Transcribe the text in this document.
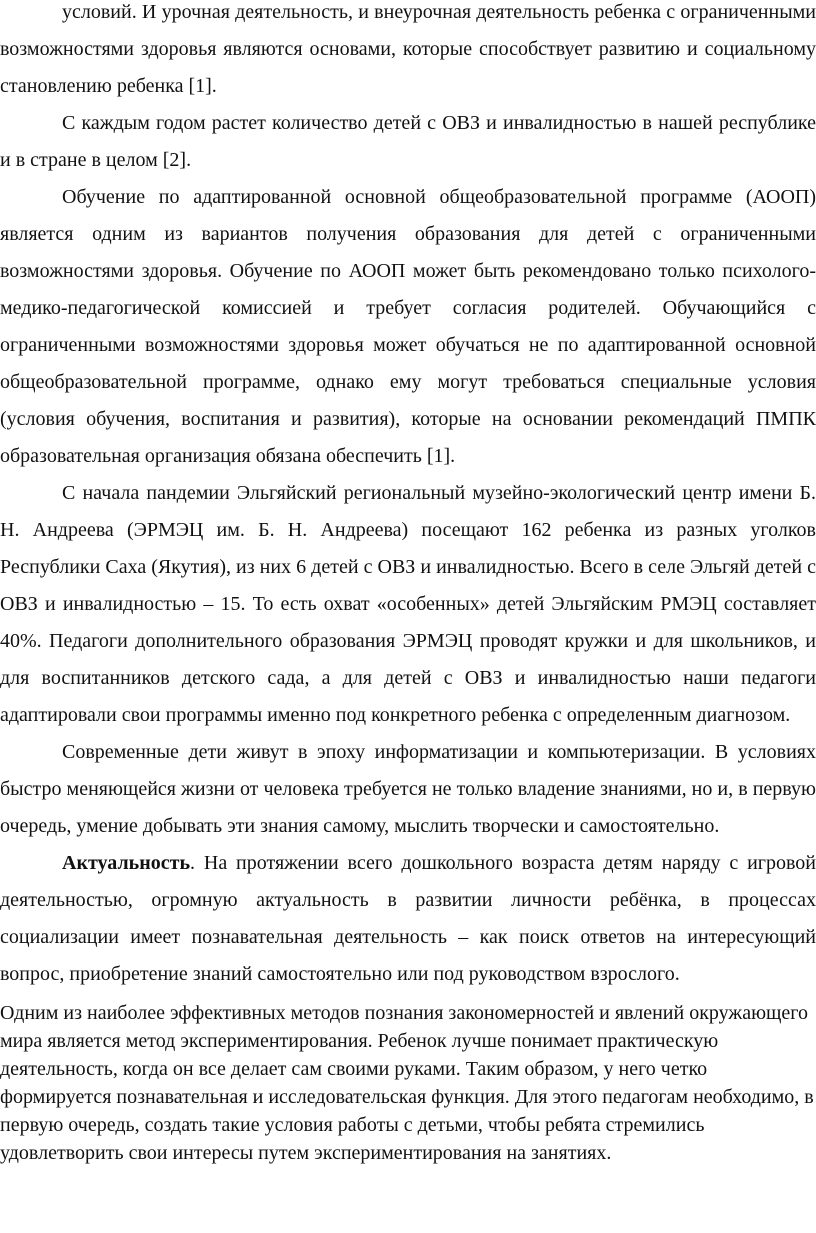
условий. И урочная деятельность, и внеурочная деятельность ребенка с ограниченными возможностями здоровья являются основами, которые способствует развитию и социальному становлению ребенка [1].

С каждым годом растет количество детей с ОВЗ и инвалидностью в нашей республике и в стране в целом [2].

Обучение по адаптированной основной общеобразовательной программе (АООП) является одним из вариантов получения образования для детей с ограниченными возможностями здоровья. Обучение по АООП может быть рекомендовано только психолого-медико-педагогической комиссией и требует согласия родителей. Обучающийся с ограниченными возможностями здоровья может обучаться не по адаптированной основной общеобразовательной программе, однако ему могут требоваться специальные условия (условия обучения, воспитания и развития), которые на основании рекомендаций ПМПК образовательная организация обязана обеспечить [1].

С начала пандемии Эльгяйский региональный музейно-экологический центр имени Б. Н. Андреева (ЭРМЭЦ им. Б. Н. Андреева) посещают 162 ребенка из разных уголков Республики Саха (Якутия), из них 6 детей с ОВЗ и инвалидностью. Всего в селе Эльгяй детей с ОВЗ и инвалидностью – 15. То есть охват «особенных» детей Эльгяйским РМЭЦ составляет 40%. Педагоги дополнительного образования ЭРМЭЦ проводят кружки и для школьников, и для воспитанников детского сада, а для детей с ОВЗ и инвалидностью наши педагоги адаптировали свои программы именно под конкретного ребенка с определенным диагнозом.

Современные дети живут в эпоху информатизации и компьютеризации. В условиях быстро меняющейся жизни от человека требуется не только владение знаниями, но и, в первую очередь, умение добывать эти знания самому, мыслить творчески и самостоятельно.

Актуальность. На протяжении всего дошкольного возраста детям наряду с игровой деятельностью, огромную актуальность в развитии личности ребёнка, в процессах социализации имеет познавательная деятельность – как поиск ответов на интересующий вопрос, приобретение знаний самостоятельно или под руководством взрослого.

Одним из наиболее эффективных методов познания закономерностей и явлений окружающего мира является метод экспериментирования. Ребенок лучше понимает практическую деятельность, когда он все делает сам своими руками. Таким образом, у него четко формируется познавательная и исследовательская функция. Для этого педагогам необходимо, в первую очередь, создать такие условия работы с детьми, чтобы ребята стремились удовлетворить свои интересы путем экспериментирования на занятиях.
